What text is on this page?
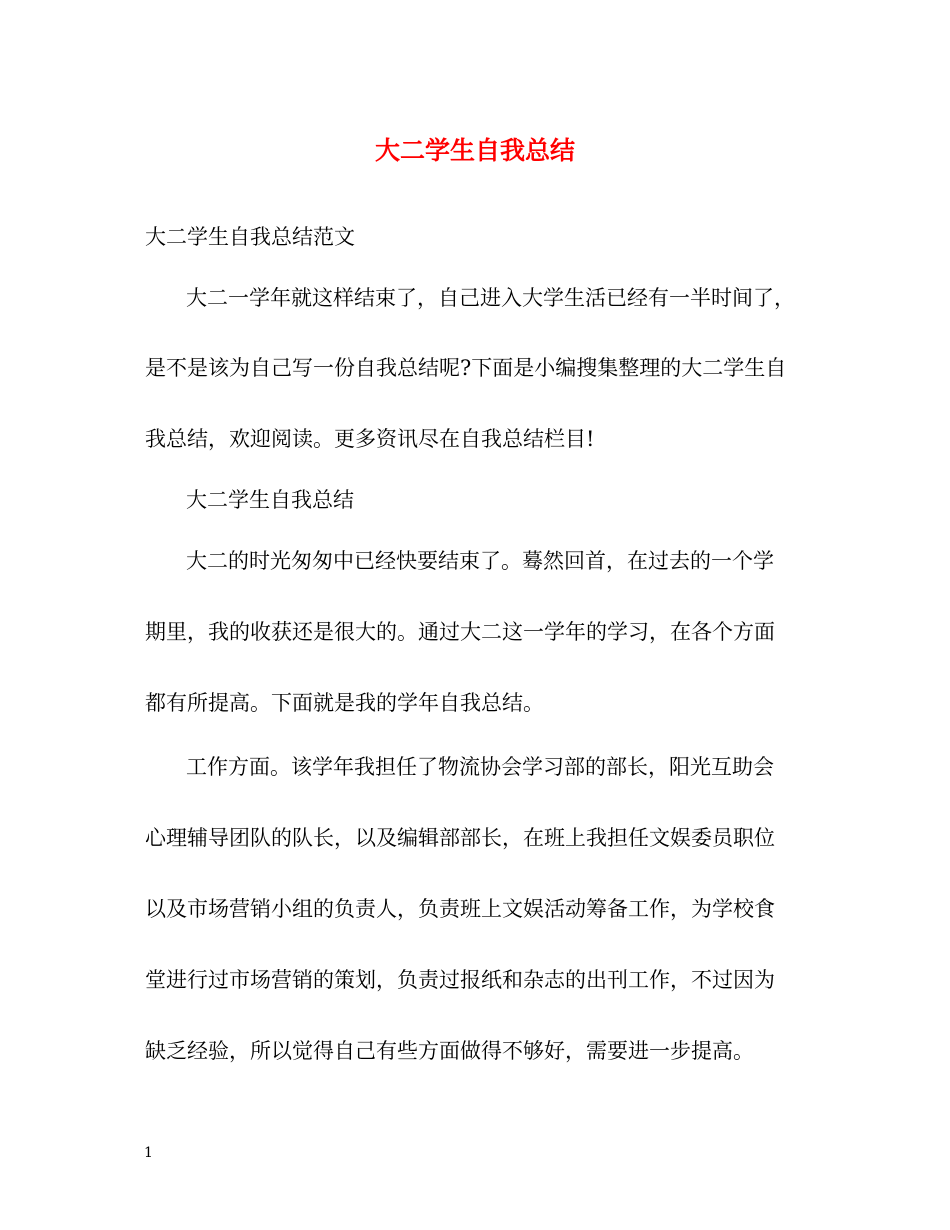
大二学生自我总结
大二学生自我总结范文
大二一学年就这样结束了，自己进入大学生活已经有一半时间了，
是不是该为自己写一份自我总结呢?下面是小编搜集整理的大二学生自
我总结，欢迎阅读。更多资讯尽在自我总结栏目!
大二学生自我总结
大二的时光匆匆中已经快要结束了。蓦然回首，在过去的一个学
期里，我的收获还是很大的。通过大二这一学年的学习，在各个方面
都有所提高。下面就是我的学年自我总结。
工作方面。该学年我担任了物流协会学习部的部长，阳光互助会
心理辅导团队的队长，以及编辑部部长，在班上我担任文娱委员职位
以及市场营销小组的负责人，负责班上文娱活动筹备工作，为学校食
堂进行过市场营销的策划，负责过报纸和杂志的出刊工作，不过因为
缺乏经验，所以觉得自己有些方面做得不够好，需要进一步提高。
1
